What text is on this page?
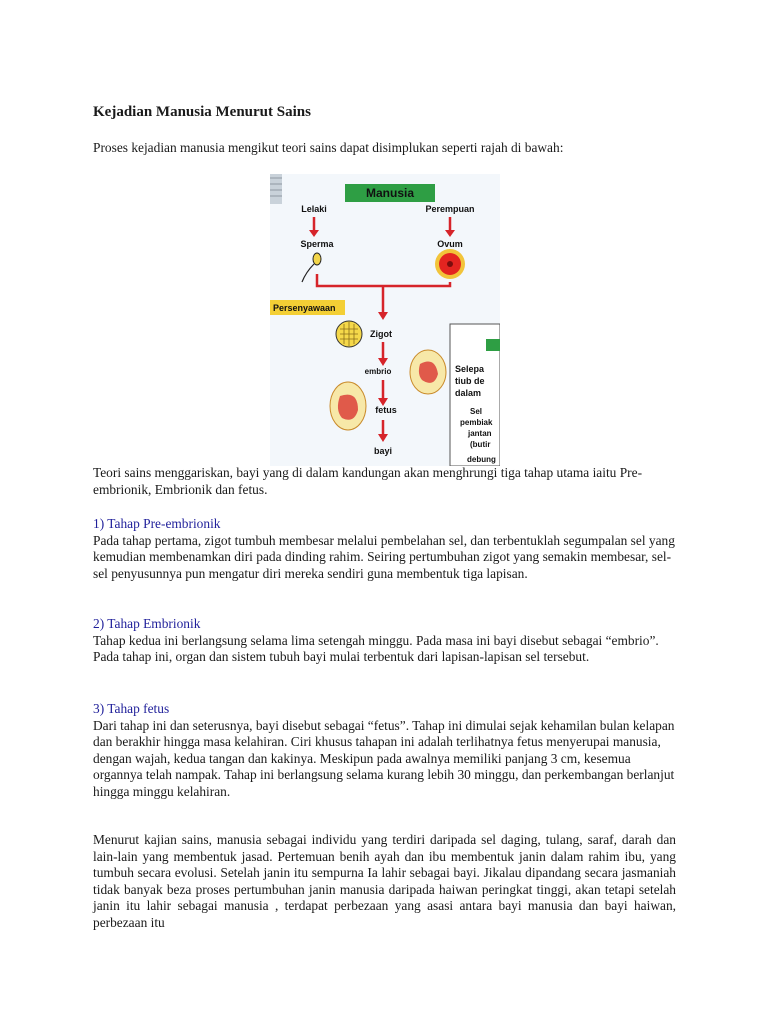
Kejadian Manusia Menurut Sains

Proses kejadian manusia mengikut teori sains dapat disimplukan seperti rajah di bawah:

Manusia
Lelaki	Perempuan
Sperma	Ovum
Persenyawaan
Zigot
embrio
fetus
bayi
Selepa
tiub de
dalam
Sel
pembiak
jantan
(butir
debung

Teori sains menggariskan, bayi yang di dalam kandungan akan menghrungi tiga tahap utama iaitu Pre-embrionik, Embrionik dan fetus.

1) Tahap Pre-embrionik

Pada tahap pertama, zigot tumbuh membesar melalui pembelahan sel, dan terbentuklah segumpalan sel yang kemudian membenamkan diri pada dinding rahim. Seiring pertumbuhan zigot yang semakin membesar, sel-sel penyusunnya pun mengatur diri mereka sendiri guna membentuk tiga lapisan.

2) Tahap Embrionik

Tahap kedua ini berlangsung selama lima setengah minggu. Pada masa ini bayi disebut sebagai “embrio”. Pada tahap ini, organ dan sistem tubuh bayi mulai terbentuk dari lapisan-lapisan sel tersebut.

3) Tahap fetus

Dari tahap ini dan seterusnya, bayi disebut sebagai “fetus”. Tahap ini dimulai sejak kehamilan bulan kelapan dan berakhir hingga masa kelahiran. Ciri khusus tahapan ini adalah terlihatnya fetus menyerupai manusia, dengan wajah, kedua tangan dan kakinya. Meskipun pada awalnya memiliki panjang 3 cm, kesemua organnya telah nampak. Tahap ini berlangsung selama kurang lebih 30 minggu, dan perkembangan berlanjut hingga minggu kelahiran.

Menurut kajian sains, manusia sebagai individu yang terdiri daripada sel daging, tulang, saraf, darah dan lain-lain yang membentuk jasad. Pertemuan benih ayah dan ibu membentuk janin dalam rahim ibu, yang tumbuh secara evolusi. Setelah janin itu sempurna Ia lahir sebagai bayi. Jikalau dipandang secara jasmaniah tidak banyak beza proses pertumbuhan janin manusia daripada haiwan peringkat tinggi, akan tetapi setelah janin itu lahir sebagai manusia , terdapat perbezaan yang asasi antara bayi manusia dan bayi haiwan, perbezaan itu
